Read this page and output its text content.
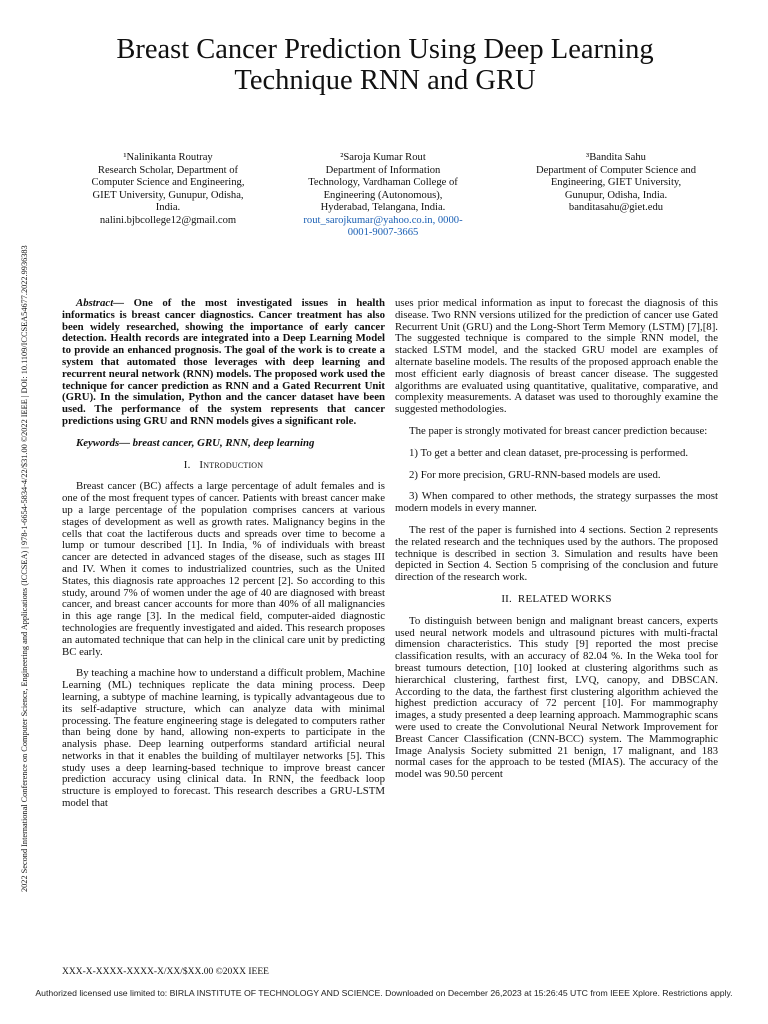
Breast Cancer Prediction Using Deep Learning
Technique RNN and GRU
2022 Second International Conference on Computer Science, Engineering and Applications (ICCSEA) | 978-1-6654-5834-4/22/$31.00 ©2022 IEEE | DOI: 10.1109/ICCSEA54677.2022.9936383

¹Nalinikanta Routray

Research Scholar, Department of

Computer Science and Engineering,

GIET University, Gunupur, Odisha,

India. nalini.bjbcollege12@gmail.com

²Saroja Kumar Rout

Department of Information

Technology, Vardhaman College of

Engineering (Autonomous),

Hyderabad, Telangana, India.

rout_sarojkumar@yahoo.co.in, 0000-

0001-9007-3665

³Bandita Sahu

Department of Computer Science and

Engineering, GIET University,

Gunupur, Odisha, India.

banditasahu@giet.edu

Abstract— One of the most investigated issues in health informatics is breast cancer diagnostics. Cancer treatment has also been widely researched, showing the importance of early cancer detection. Health records are integrated into a Deep Learning Model to provide an enhanced prognosis. The goal of the work is to create a system that automated those leverages with deep learning and recurrent neural network (RNN) models. The proposed work used the technique for cancer prediction as RNN and a Gated Recurrent Unit (GRU). In the simulation, Python and the cancer dataset have been used. The performance of the system represents that cancer predictions using GRU and RNN models gives a significant role.

Keywords— breast cancer, GRU, RNN, deep learning

I. Introduction

Breast cancer (BC) affects a large percentage of adult females and is one of the most frequent types of cancer. Patients with breast cancer make up a large percentage of the population comprises cancers at various stages of development as well as growth rates. Malignancy begins in the cells that coat the lactiferous ducts and spreads over time to become a lump or tumour described [1]. In India, % of individuals with breast cancer are detected in advanced stages of the disease, such as stages III and IV. When it comes to industrialized countries, such as the United States, this diagnosis rate approaches 12 percent [2]. So according to this study, around 7% of women under the age of 40 are diagnosed with breast cancer, and breast cancer accounts for more than 40% of all malignancies in this age range [3]. In the medical field, computer-aided diagnostic technologies are frequently investigated and aided. This research proposes an automated technique that can help in the clinical care unit by predicting BC early.

By teaching a machine how to understand a difficult problem, Machine Learning (ML) techniques replicate the data mining process. Deep learning, a subtype of machine learning, is typically advantageous due to its self-adaptive structure, which can analyze data with minimal processing. The feature engineering stage is delegated to computers rather than being done by hand, allowing non-experts to participate in the analysis phase. Deep learning outperforms standard artificial neural networks in that it enables the building of multilayer networks [5]. This study uses a deep learning-based technique to improve breast cancer prediction accuracy using clinical data. In RNN, the feedback loop structure is employed to forecast. This research describes a GRU-LSTM model that

uses prior medical information as input to forecast the diagnosis of this disease. Two RNN versions utilized for the prediction of cancer use Gated Recurrent Unit (GRU) and the Long-Short Term Memory (LSTM) [7],[8]. The suggested technique is compared to the simple RNN model, the stacked LSTM model, and the stacked GRU model are examples of alternate baseline models. The results of the proposed approach enable the most efficient early diagnosis of breast cancer disease. The suggested algorithms are evaluated using quantitative, qualitative, comparative, and complexity measurements. A dataset was used to thoroughly examine the suggested methodologies.

The paper is strongly motivated for breast cancer prediction because:

1) To get a better and clean dataset, pre-processing is performed.

2) For more precision, GRU-RNN-based models are used.

3) When compared to other methods, the strategy surpasses the most modern models in every manner.

The rest of the paper is furnished into 4 sections. Section 2 represents the related research and the techniques used by the authors. The proposed technique is described in section 3. Simulation and results have been depicted in Section 4. Section 5 comprising of the conclusion and future direction of the research work.

II. RELATED WORKS

To distinguish between benign and malignant breast cancers, experts used neural network models and ultrasound pictures with multi-fractal dimension characteristics. This study [9] reported the most precise classification results, with an accuracy of 82.04 %. In the Weka tool for breast tumours detection, [10] looked at clustering algorithms such as hierarchical clustering, farthest first, LVQ, canopy, and DBSCAN. According to the data, the farthest first clustering algorithm achieved the highest prediction accuracy of 72 percent [10]. For mammography images, a study presented a deep learning approach. Mammographic scans were used to create the Convolutional Neural Network Improvement for Breast Cancer Classification (CNN-BCC) system. The Mammographic Image Analysis Society submitted 21 benign, 17 malignant, and 183 normal cases for the approach to be tested (MIAS). The accuracy of the model was 90.50 percent

XXX-X-XXXX-XXXX-X/XX/$XX.00 ©20XX IEEE
Authorized licensed use limited to: BIRLA INSTITUTE OF TECHNOLOGY AND SCIENCE. Downloaded on December 26,2023 at 15:26:45 UTC from IEEE Xplore. Restrictions apply.
